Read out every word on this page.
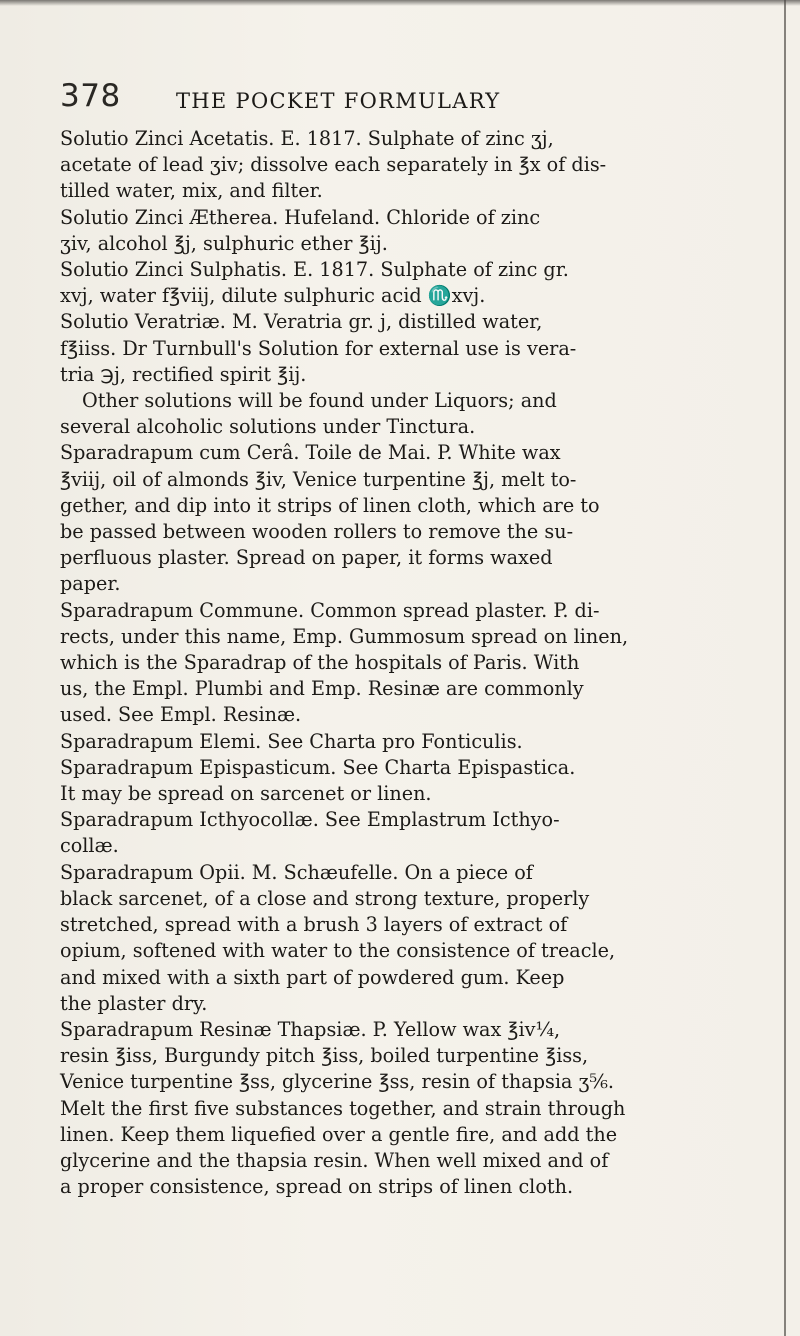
378	THE POCKET FORMULARY

Solutio Zinci Acetatis. E. 1817. Sulphate of zinc ʒj,
acetate of lead ʒiv; dissolve each separately in ℥x of dis-
tilled water, mix, and filter.

Solutio Zinci Ætherea. Hufeland. Chloride of zinc
ʒiv, alcohol ℥j, sulphuric ether ℥ij.

Solutio Zinci Sulphatis. E. 1817. Sulphate of zinc gr.
xvj, water f℥viij, dilute sulphuric acid ♏xvj.

Solutio Veratriæ. M. Veratria gr. j, distilled water,
f℥iiss. Dr Turnbull's Solution for external use is vera-
tria ℈j, rectified spirit ℥ij.

Other solutions will be found under Liquors; and
several alcoholic solutions under Tinctura.

Sparadrapum cum Cerâ. Toile de Mai. P. White wax
℥viij, oil of almonds ℥iv, Venice turpentine ℥j, melt to-
gether, and dip into it strips of linen cloth, which are to
be passed between wooden rollers to remove the su-
perfluous plaster. Spread on paper, it forms waxed
paper.

Sparadrapum Commune. Common spread plaster. P. di-
rects, under this name, Emp. Gummosum spread on linen,
which is the Sparadrap of the hospitals of Paris. With
us, the Empl. Plumbi and Emp. Resinæ are commonly
used. See Empl. Resinæ.

Sparadrapum Elemi. See Charta pro Fonticulis.

Sparadrapum Epispasticum. See Charta Epispastica.
It may be spread on sarcenet or linen.

Sparadrapum Icthyocollæ. See Emplastrum Icthyo-
collæ.

Sparadrapum Opii. M. Schæufelle. On a piece of
black sarcenet, of a close and strong texture, properly
stretched, spread with a brush 3 layers of extract of
opium, softened with water to the consistence of treacle,
and mixed with a sixth part of powdered gum. Keep
the plaster dry.

Sparadrapum Resinæ Thapsiæ. P. Yellow wax ℥iv¼,
resin ℥iss, Burgundy pitch ℥iss, boiled turpentine ℥iss,
Venice turpentine ℥ss, glycerine ℥ss, resin of thapsia ʒ⅚.
Melt the first five substances together, and strain through
linen. Keep them liquefied over a gentle fire, and add the
glycerine and the thapsia resin. When well mixed and of
a proper consistence, spread on strips of linen cloth.
